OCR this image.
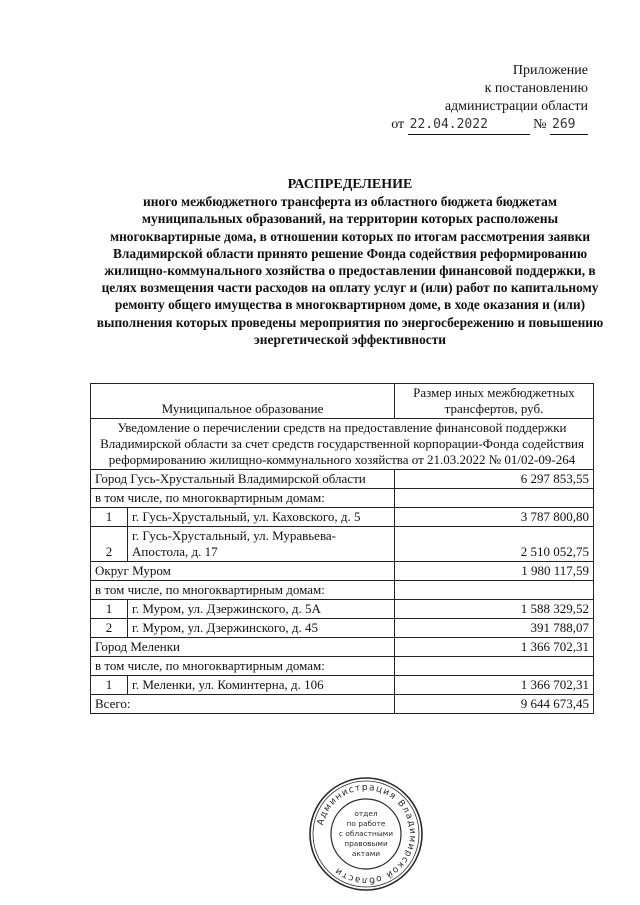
Приложение
к постановлению
администрации области
от 22.04.2022	№ 269
РАСПРЕДЕЛЕНИЕ
иного межбюджетного трансферта из областного бюджета бюджетам муниципальных образований, на территории которых расположены многоквартирные дома, в отношении которых по итогам рассмотрения заявки Владимирской области принято решение Фонда содействия реформированию жилищно-коммунального хозяйства о предоставлении финансовой поддержки, в целях возмещения части расходов на оплату услуг и (или) работ по капитальному ремонту общего имущества в многоквартирном доме, в ходе оказания и (или) выполнения которых проведены мероприятия по энергосбережению и повышению энергетической эффективности
Муниципальное образование		Размер иных межбюджетных трансфертов, руб.
Уведомление о перечислении средств на предоставление финансовой поддержки Владимирской области за счет средств государственной корпорации-Фонда содействия реформированию жилищно-коммунального хозяйства от 21.03.2022 № 01/02-09-264		
Город Гусь-Хрустальный Владимирской области		6 297 853,55
в том числе, по многоквартирным домам:		
1	г. Гусь-Хрустальный, ул. Каховского, д. 5	3 787 800,80
2	г. Гусь-Хрустальный, ул. Муравьева-Апостола, д. 17	2 510 052,75
Округ Муром		1 980 117,59
в том числе, по многоквартирным домам:		
1	г. Муром, ул. Дзержинского, д. 5А	1 588 329,52
2	г. Муром, ул. Дзержинского, д. 45	391 788,07
Город Меленки		1 366 702,31
в том числе, по многоквартирным домам:		
1	г. Меленки, ул. Коминтерна, д. 106	1 366 702,31
Всего:		9 644 673,45
Администрация Владимирской области
отдел
по работе
с областными
правовыми
актами
